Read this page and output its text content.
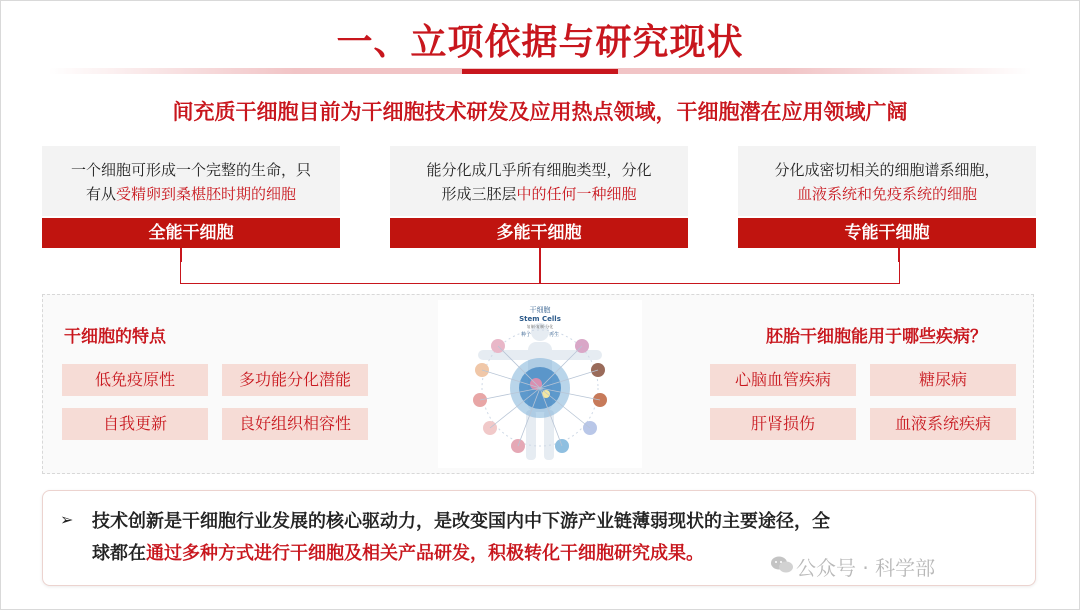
一、立项依据与研究现状
间充质干细胞目前为干细胞技术研发及应用热点领域，干细胞潜在应用领域广阔
一个细胞可形成一个完整的生命，只
有从受精卵到桑椹胚时期的细胞
全能干细胞
能分化成几乎所有细胞类型，分化
形成三胚层中的任何一种细胞
多能干细胞
分化成密切相关的细胞谱系细胞，
血液系统和免疫系统的细胞
专能干细胞
干细胞的特点
低免疫原性	多功能分化潜能
自我更新	良好组织相容性
胚胎干细胞能用于哪些疾病？
心脑血管疾病	糖尿病
肝肾损伤	血液系统疾病
干细胞
Stem Cells
复制·复制·分化
种子	再生
➢ 技术创新是干细胞行业发展的核心驱动力，是改变国内中下游产业链薄弱现状的主要途径，全
球都在通过多种方式进行干细胞及相关产品研发，积极转化干细胞研究成果。
公众号 · 科学部
